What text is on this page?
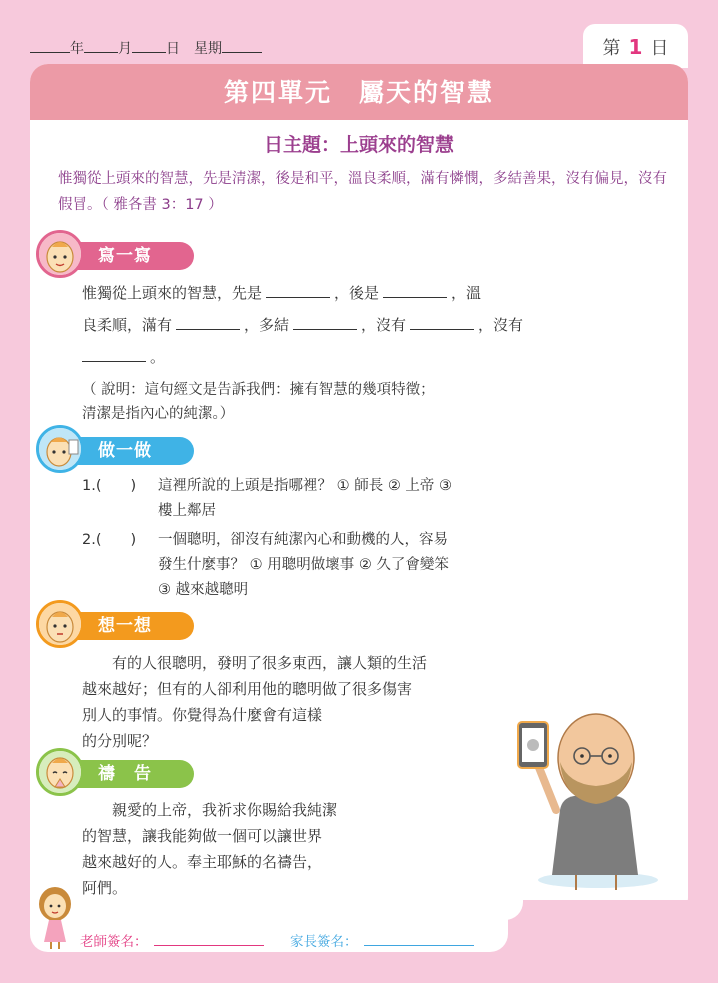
年 月 日　 星期	第 1 日
第四單元　屬天的智慧
日主題：上頭來的智慧
惟獨從上頭來的智慧，先是清潔，後是和平，溫良柔順，滿有憐憫，多結善果，沒有偏見，沒有假冒。（ 雅各書 3：17 ）
寫一寫
惟獨從上頭來的智慧，先是	，後是	，溫
良柔順，滿有	，多結	，沒有	，沒有
。
（ 說明：這句經文是告訴我們：擁有智慧的幾項特徵；
清潔是指內心的純潔。）
做一做
1.(　　)	這裡所說的上頭是指哪裡？ ① 師長 ② 上帝 ③
樓上鄰居
2.(　　)	一個聰明，卻沒有純潔內心和動機的人，容易
發生什麼事？ ① 用聰明做壞事 ② 久了會變笨
③ 越來越聰明
想一想
有的人很聰明，發明了很多東西，讓人類的生活
越來越好；但有的人卻利用他的聰明做了很多傷害
別人的事情。你覺得為什麼會有這樣
的分別呢？
禱　告
親愛的上帝，我祈求你賜給我純潔
的智慧，讓我能夠做一個可以讓世界
越來越好的人。奉主耶穌的名禱告，
阿們。
老師簽名：	家長簽名：
